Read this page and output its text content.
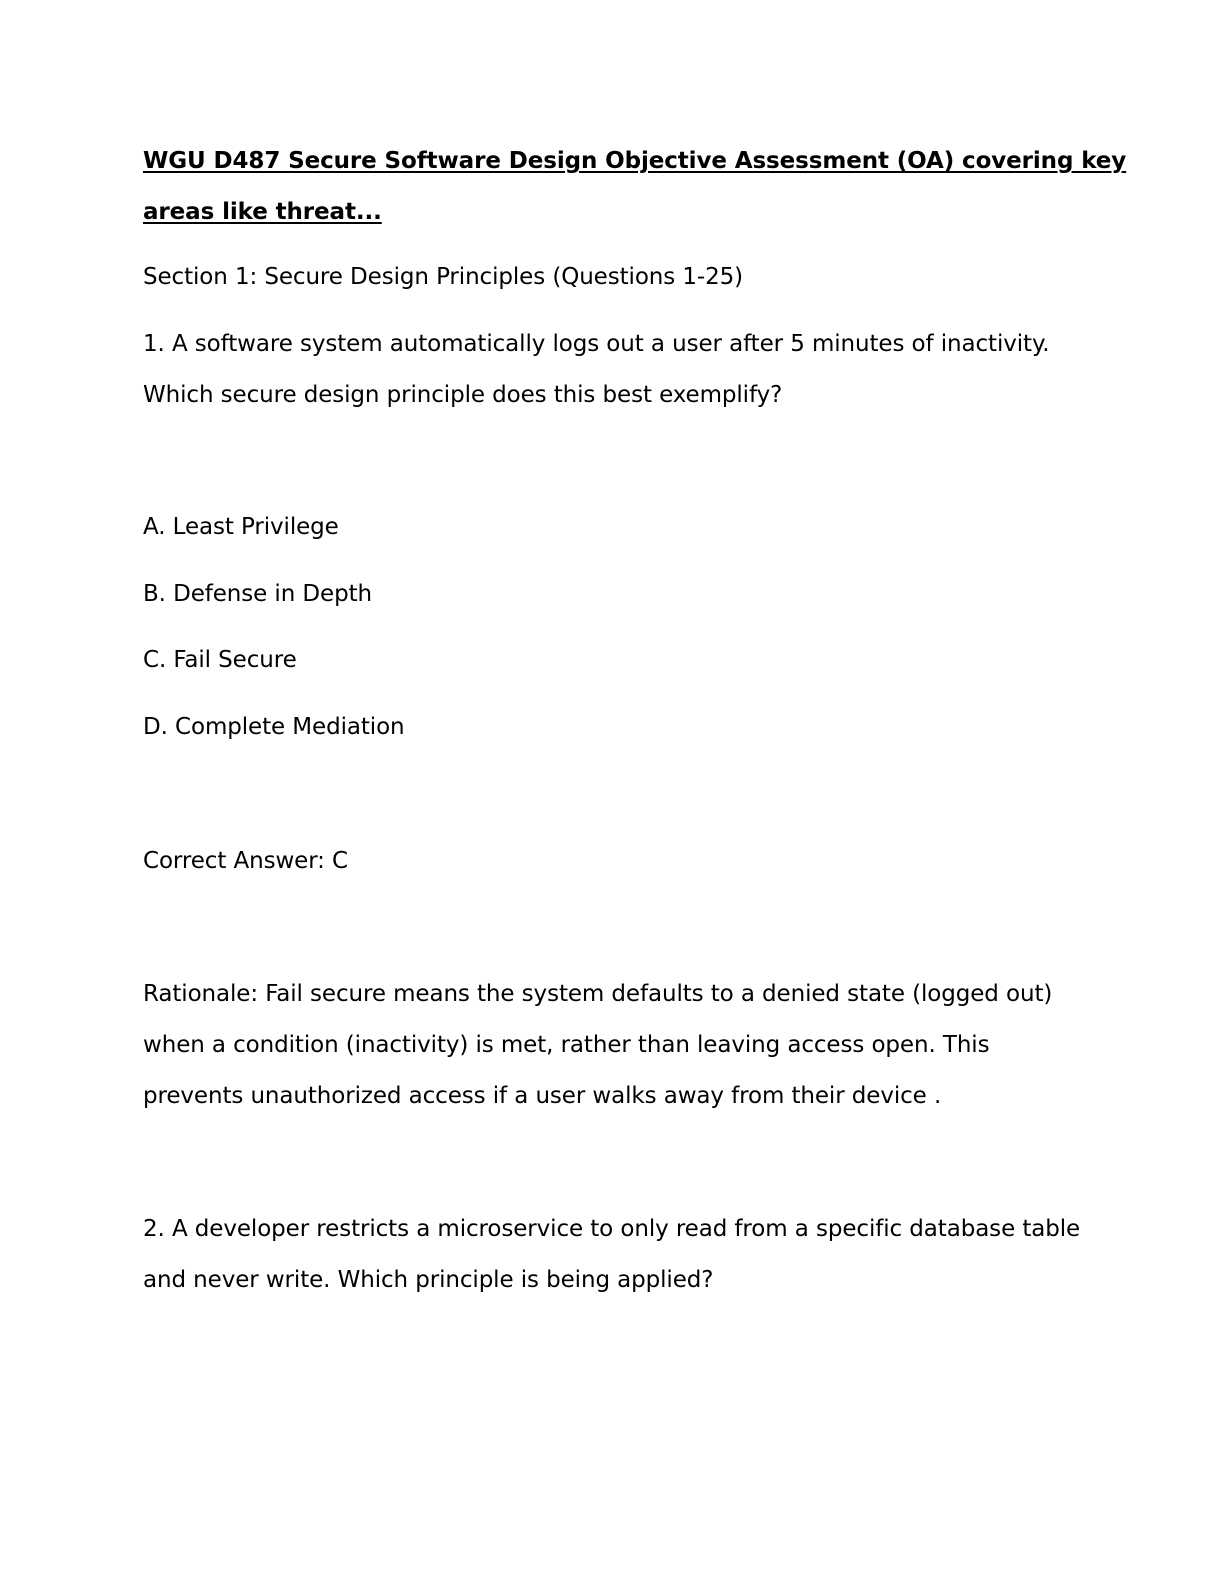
WGU D487 Secure Software Design Objective Assessment (OA) covering key
areas like threat...

Section 1: Secure Design Principles (Questions 1-25)

1. A software system automatically logs out a user after 5 minutes of inactivity.
Which secure design principle does this best exemplify?

A. Least Privilege

B. Defense in Depth

C. Fail Secure

D. Complete Mediation

Correct Answer: C

Rationale: Fail secure means the system defaults to a denied state (logged out)
when a condition (inactivity) is met, rather than leaving access open. This
prevents unauthorized access if a user walks away from their device .

2. A developer restricts a microservice to only read from a specific database table
and never write. Which principle is being applied?
